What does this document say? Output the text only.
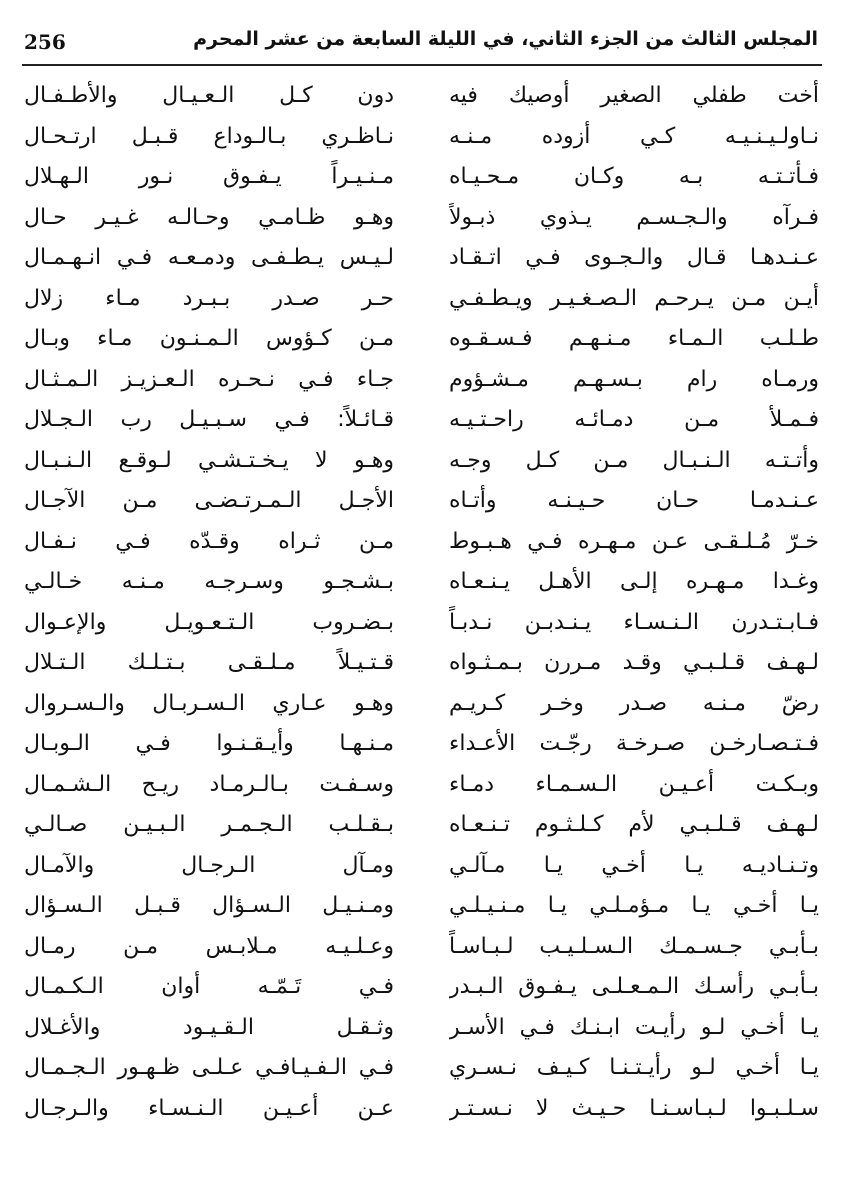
256	المجلس الثالث من الجزء الثاني، في الليلة السابعة من عشر المحرم
أخت طفلي الصغير أوصيك فيه
نـاولـيـنـيـه كـي أزوده مـنـه
فـأتـتـه بـه وكـان مـحـيـاه
فـرآه والـجـسـم يـذوي ذبـولاً
عـنـدهـا قـال والـجـوى فـي اتـقـاد
أيـن مـن يـرحـم الـصـغـيـر ويـطـفـي
طـلـب الـمـاء مـنـهـم فـسـقـوه
ورمـاه رام بـسـهـم مـشـؤوم
فـمـلأ مـن دمـائـه راحـتـيـه
وأتـتـه الـنـبـال مـن كـل وجـه
عـنـدمـا حـان حـيـنـه وأتـاه
خـرّ مُـلـقـى عـن مـهـره فـي هـبـوط
وغـدا مـهـره إلـى الأهـل يـنـعـاه
فـابـتـدرن الـنـسـاء يـنـدبـن نـدبـاً
لـهـف قـلـبـي وقـد مـررن بـمـثـواه
رضّ مـنـه صـدر وخـر كـريـم
فـتـصـارخـن صـرخـة رجّـت الأعـداء
وبـكـت أعـيـن الـسـمـاء دمـاء
لـهـف قـلـبـي لأم كـلـثـوم تـنـعـاه
وتـنـاديـه يـا أخـي يـا مـآلـي
يـا أخـي يـا مـؤمـلـي يـا مـنـيـلـي
بـأبـي جـسـمـك الـسـلـيـب لـبـاسـاً
بـأبـي رأسـك الـمـعـلـى يـفـوق الـبـدر
يـا أخـي لـو رأيـت ابـنـك فـي الأسـر
يـا أخـي لـو رأيـتـنـا كـيـف نـسـري
سـلـبـوا لـبـاسـنـا حـيـث لا نـسـتـر
دون كـل الـعـيـال والأطـفـال
نـاظـري بـالـوداع قـبـل ارتـحـال
مـنـيـراً يـفـوق نـور الـهـلال
وهـو ظـامـي وحـالـه غـيـر حـال
لـيـس يـطـفـى ودمـعـه فـي انـهـمـال
حـر صـدر بـبـرد مـاء زلال
مـن كـؤوس الـمـنـون مـاء وبـال
جـاء فـي نـحـره الـعـزيـز الـمـثـال
قـائـلاً: فـي سـبـيـل رب الـجـلال
وهـو لا يـخـتـشـي لـوقـع الـنـبـال
الأجـل الـمـرتـضـى مـن الآجـال
مـن ثـراه وقـدّه فـي نـفـال
بـشـجـو وسـرجـه مـنـه خـالـي
بـضـروب الـتـعـويـل والإعـوال
قـتـيـلاً مـلـقـى بـتـلـك الـتـلال
وهـو عـاري الـسـربـال والـسـروال
مـنـهـا وأيـقـنـوا فـي الـوبـال
وسـفـت بـالـرمـاد ريـح الـشـمـال
بـقـلـب الـجـمـر الـبـيـن صـالـي
ومـآل الـرجـال والآمـال
ومـنـيـل الـسـؤال قـبـل الـسـؤال
وعـلـيـه مـلابـس مـن رمـال
فـي تَـمّـه أوان الـكـمـال
وثـقـل الـقـيـود والأغـلال
فـي الـفـيـافـي عـلـى ظـهـور الـجـمـال
عـن أعـيـن الـنـسـاء والـرجـال
